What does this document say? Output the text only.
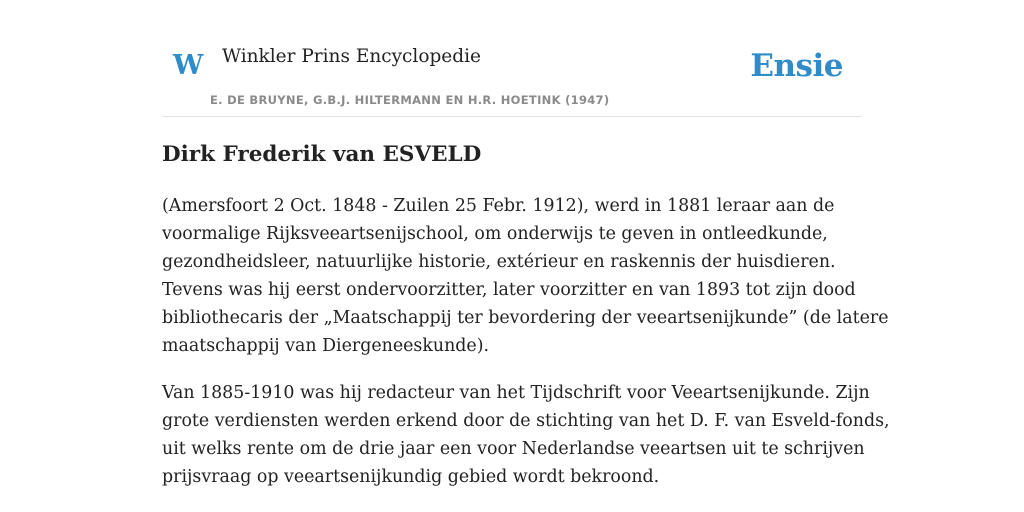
W Winkler Prins Encyclopedie
E. DE BRUYNE, G.B.J. HILTERMANN EN H.R. HOETINK (1947)
Ensie
Dirk Frederik van ESVELD

(Amersfoort 2 Oct. 1848 - Zuilen 25 Febr. 1912), werd in 1881 leraar aan de
voormalige Rijksveeartsenijschool, om onderwijs te geven in ontleedkunde,
gezondheidsleer, natuurlijke historie, extérieur en raskennis der huisdieren.
Tevens was hij eerst ondervoorzitter, later voorzitter en van 1893 tot zijn dood
bibliothecaris der „Maatschappij ter bevordering der veeartsenijkunde” (de latere
maatschappij van Diergeneeskunde).

Van 1885-1910 was hij redacteur van het Tijdschrift voor Veeartsenijkunde. Zijn
grote verdiensten werden erkend door de stichting van het D. F. van Esveld-fonds,
uit welks rente om de drie jaar een voor Nederlandse veeartsen uit te schrijven
prijsvraag op veeartsenijkundig gebied wordt bekroond.
